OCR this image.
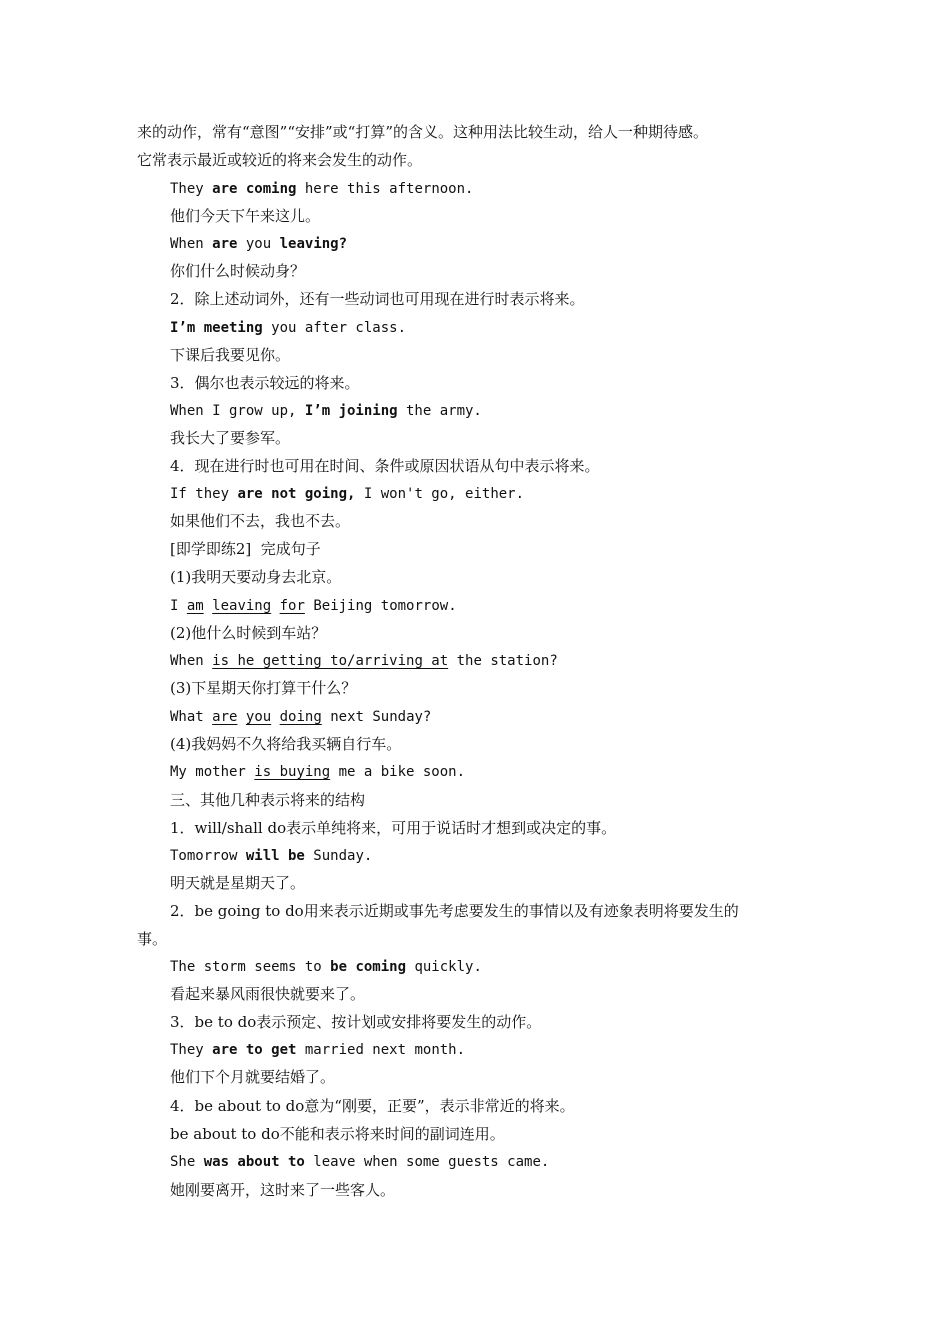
来的动作，常有“意图”“安排”或“打算”的含义。这种用法比较生动，给人一种期待感。
它常表示最近或较近的将来会发生的动作。
They are coming here this afternoon.
他们今天下午来这儿。
When are you leaving?
你们什么时候动身？
2．除上述动词外，还有一些动词也可用现在进行时表示将来。
I’m meeting you after class.
下课后我要见你。
3．偶尔也表示较远的将来。
When I grow up, I’m joining the army.
我长大了要参军。
4．现在进行时也可用在时间、条件或原因状语从句中表示将来。
If they are not going, I won't go, either.
如果他们不去，我也不去。
[即学即练2]  完成句子
(1)我明天要动身去北京。
I am leaving for Beijing tomorrow.
(2)他什么时候到车站？
When is he getting to/arriving at the station?
(3)下星期天你打算干什么？
What are you doing next Sunday?
(4)我妈妈不久将给我买辆自行车。
My mother is buying me a bike soon.
三、其他几种表示将来的结构
1．will/shall do表示单纯将来，可用于说话时才想到或决定的事。
Tomorrow will be Sunday.
明天就是星期天了。
2．be going to do用来表示近期或事先考虑要发生的事情以及有迹象表明将要发生的
事。
The storm seems to be coming quickly.
看起来暴风雨很快就要来了。
3．be to do表示预定、按计划或安排将要发生的动作。
They are to get married next month.
他们下个月就要结婚了。
4．be about to do意为“刚要，正要”，表示非常近的将来。
be about to do不能和表示将来时间的副词连用。
She was about to leave when some guests came.
她刚要离开，这时来了一些客人。
